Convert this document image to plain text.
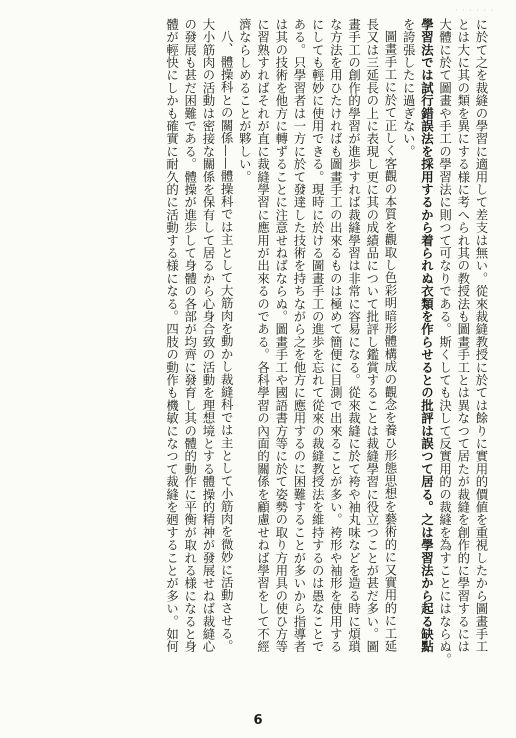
· · · · · ·

に於て之を裁縫の學習に適用して差支は無い。從來裁縫教授に於ては餘りに實用的價値を重視したから圖畫手工

とは大に其の類を異にする様に考へられ其の教授法も圖畫手工とは異なつて居たが裁縫を創作的に學習するには

大體に於て圖畫や手工の學習法に則つて可なりである。斯くしても決して反實用的の裁縫を為すことにはならぬ。

學習法では試行錯誤法を採用するから着られぬ衣類を作らせるとの批評は誤つて居る。之は學習法から起る缺點

を誇張したに過ぎない。

圖畫手工に於て正しく客觀の本質を觀取し色彩明暗形體構成の觀念を養ひ形態思想を藝術的に又實用的に工延

長又は三延長の上に表現し更に其の成績品について批評し鑑賞することは裁縫學習に役立つことが甚だ多い。圖

畫手工の創作的學習が進歩すれば裁縫學習は非常に容易になる。從來裁縫に於て袴や袖丸味などを造る時に煩瑣

な方法を用ひたければも圖畫手工の出來るものは極めて簡便に目測で出來ることが多い。袴形や袖形を使用する

にしても輕妙に使用できる。現時に於ける圖畫手工の進歩を忘れて從來の裁縫教授法を維持するのは愚なことで

ある。只學習者は一方に於て發達した技術を持ちながら之を他方に應用するのに困難することが多いから指導者

は其の技術を他方に轉ずることに注意せねばならぬ。圖畫手工や國語書方等に於て姿勢の取り方用具の使ひ方等

に習熟すればそれが直に裁縫學習に應用が出來るのである。各科學習の內面的關係を顧慮せねば學習をして不經

濟ならしめることが夥しい。

八、體操科との關係——體操科では主として大筋肉を動かし裁縫科では主として小筋肉を微妙に活動させる。

大小筋肉の活動は密接な關係を保有して居るから心身合致の活動を理想境とする體操的精神が發展せねば裁縫心

の發展も甚だ困難である。體操が進歩して身體の各部が均齊に發育し其の體的動作に平衡が取れる様になると身

體が輕快にしかも確實に耐久的に活動する様になる。四肢の動作も機敏になつて裁縫を𢌞することが多い。如何

6
